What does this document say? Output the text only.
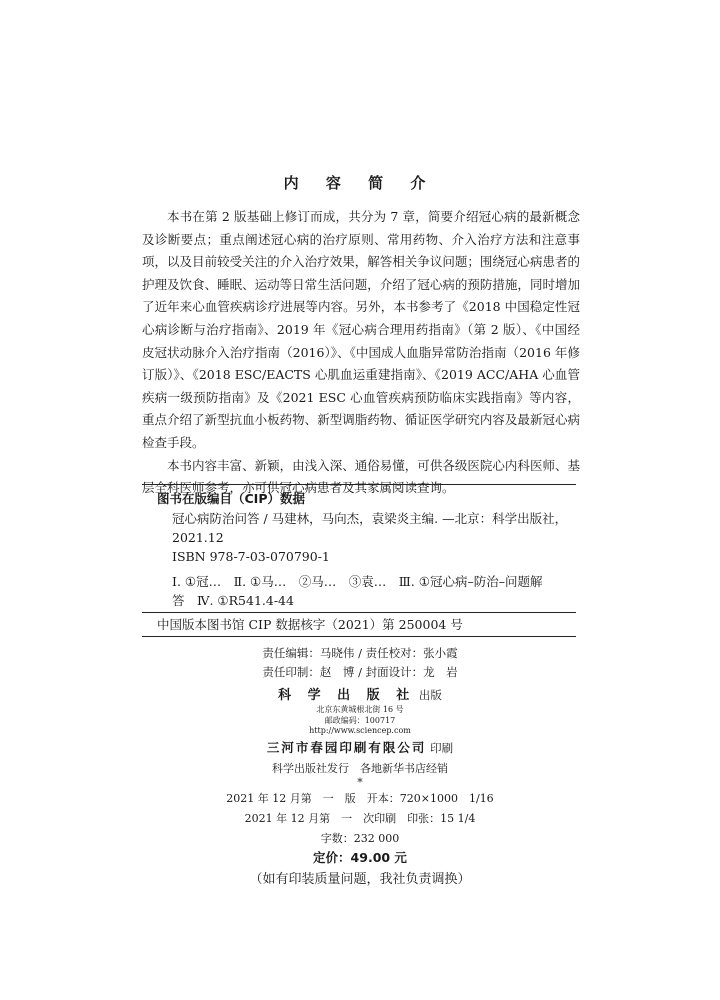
内 容 简 介

本书在第 2 版基础上修订而成，共分为 7 章，简要介绍冠心病的最新概念及诊断要点；重点阐述冠心病的治疗原则、常用药物、介入治疗方法和注意事项，以及目前较受关注的介入治疗效果，解答相关争议问题；围绕冠心病患者的护理及饮食、睡眠、运动等日常生活问题，介绍了冠心病的预防措施，同时增加了近年来心血管疾病诊疗进展等内容。另外，本书参考了《2018 中国稳定性冠心病诊断与治疗指南》、2019 年《冠心病合理用药指南》（第 2 版）、《中国经皮冠状动脉介入治疗指南（2016）》、《中国成人血脂异常防治指南（2016 年修订版）》、《2018 ESC/EACTS 心肌血运重建指南》、《2019 ACC/AHA 心血管疾病一级预防指南》及《2021 ESC 心血管疾病预防临床实践指南》等内容，重点介绍了新型抗血小板药物、新型调脂药物、循证医学研究内容及最新冠心病检查手段。

本书内容丰富、新颖，由浅入深、通俗易懂，可供各级医院心内科医师、基层全科医师参考，亦可供冠心病患者及其家属阅读查询。

图书在版编目（CIP）数据
冠心病防治问答 / 马建林，马向杰，袁梁炎主编. —北京：科学出版社，
2021.12
ISBN 978-7-03-070790-1
Ⅰ. ①冠…　Ⅱ. ①马…　②马…　③袁…　Ⅲ. ①冠心病–防治–问题解
答　Ⅳ. ①R541.4-44
中国版本图书馆 CIP 数据核字（2021）第 250004 号
责任编辑：马晓伟 / 责任校对：张小霞
责任印制：赵　博 / 封面设计：龙　岩
科 学 出 版 社 出版
北京东黄城根北街 16 号
邮政编码：100717
http://www.sciencep.com
三河市春园印刷有限公司 印刷
科学出版社发行　各地新华书店经销
*
2021 年 12 月第　一　版　开本：720×1000　1/16
2021 年 12 月第　一　次印刷　印张：15 1/4
字数：232 000
定价：49.00 元
（如有印装质量问题，我社负责调换）
